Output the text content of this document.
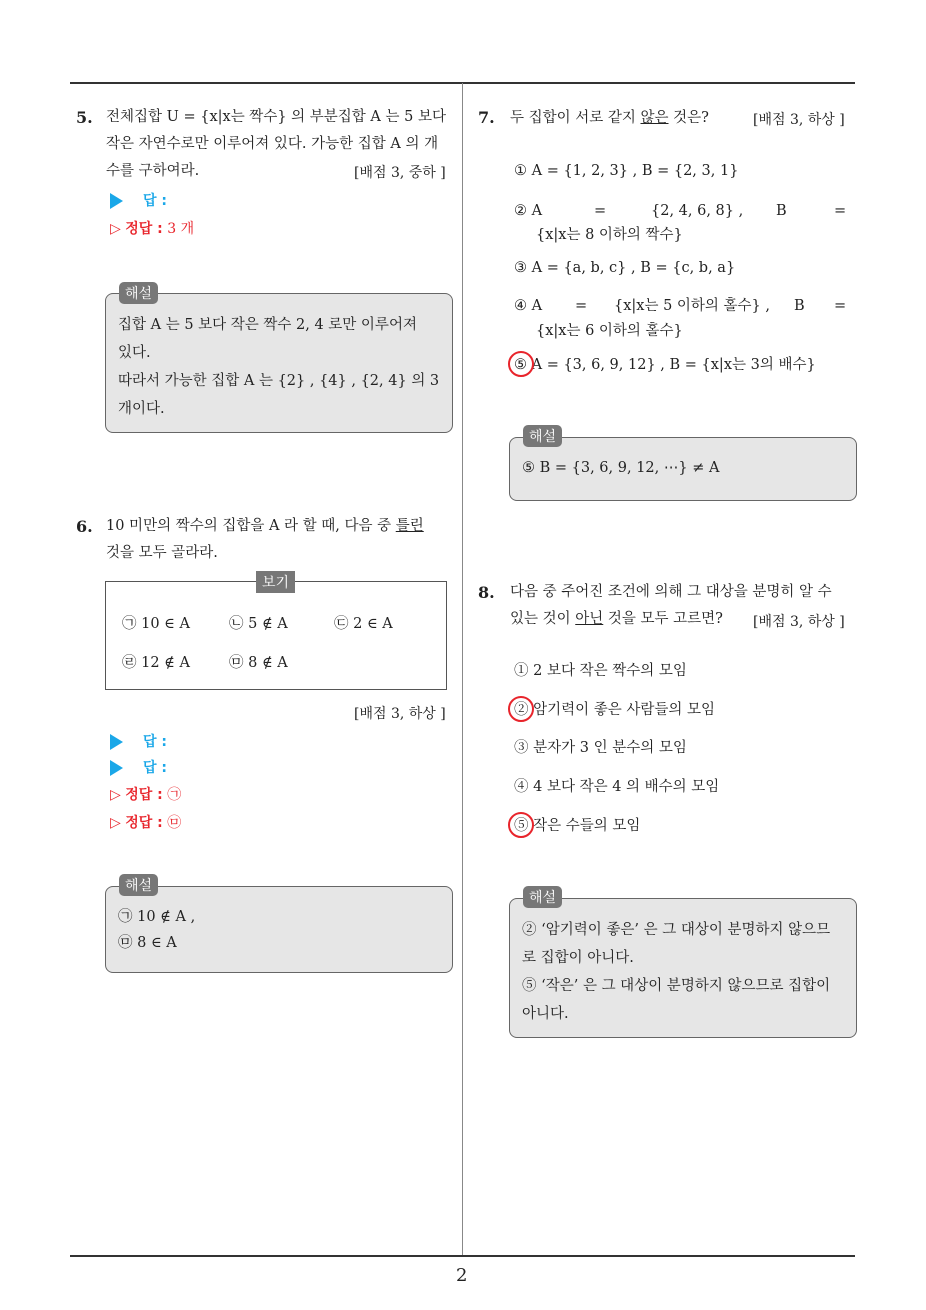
2
5. 전체집합 U = {x|x는 짝수} 의 부분집합 A 는 5 보다
작은 자연수로만 이루어져 있다. 가능한 집합 A 의 개
수를 구하여라.	[배점 3, 중하 ]
답 :
▷ 정답 : 3 개
집합 A 는 5 보다 작은 짝수 2, 4 로만 이루어져
있다.
따라서 가능한 집합 A 는 {2} , {4} , {2, 4} 의 3
개이다.
해설
6. 10 미만의 짝수의 집합을 A 라 할 때, 다음 중 틀린
것을 모두 골라라.
㉠ 10 ∈ A	㉡ 5 ∉ A	㉢ 2 ∈ A
㉣ 12 ∉ A	㉤ 8 ∉ A
보기
[배점 3, 하상 ]
답 :
답 :
▷ 정답 : ㉠
▷ 정답 : ㉤
㉠ 10 ∉ A ,
㉤ 8 ∈ A
해설
7. 두 집합이 서로 같지 않은 것은?	[배점 3, 하상 ]
① A = {1, 2, 3} , B = {2, 3, 1}
② A	=	{2, 4, 6, 8} , B	=
{x|x는 8 이하의 짝수}
③ A = {a, b, c} , B = {c, b, a}
④ A = {x|x는 5 이하의 홀수} , B =
{x|x는 6 이하의 홀수}
⑤ A = {3, 6, 9, 12} , B = {x|x는 3의 배수}
⑤ B = {3, 6, 9, 12, ⋯} ≠ A
해설
8. 다음 중 주어진 조건에 의해 그 대상을 분명히 알 수
있는 것이 아닌 것을 모두 고르면?	[배점 3, 하상 ]
① 2 보다 작은 짝수의 모임
② 암기력이 좋은 사람들의 모임
③ 분자가 3 인 분수의 모임
④ 4 보다 작은 4 의 배수의 모임
⑤ 작은 수들의 모임
② ‘암기력이 좋은’ 은 그 대상이 분명하지 않으므
로 집합이 아니다.
⑤ ‘작은’ 은 그 대상이 분명하지 않으므로 집합이
아니다.
해설
